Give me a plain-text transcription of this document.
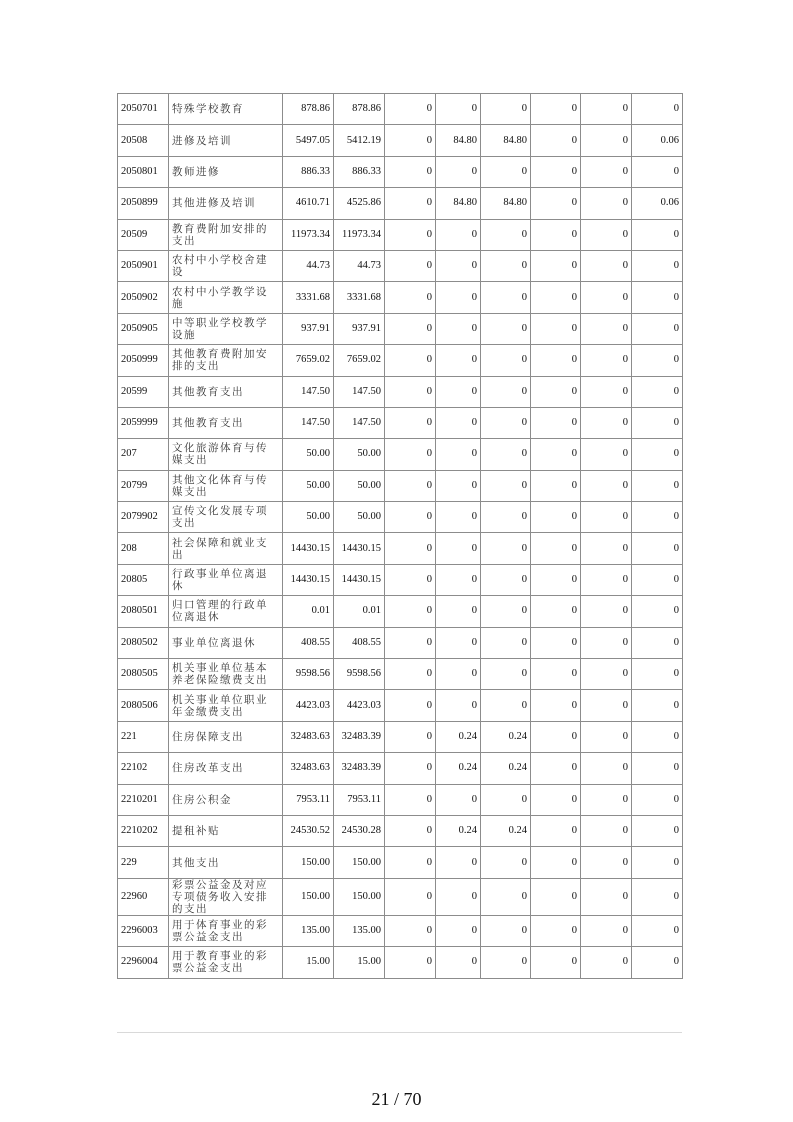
2050701	特殊学校教育	878.86	878.86	0	0	0	0	0	0
20508	进修及培训	5497.05	5412.19	0	84.80	84.80	0	0	0.06
2050801	教师进修	886.33	886.33	0	0	0	0	0	0
2050899	其他进修及培训	4610.71	4525.86	0	84.80	84.80	0	0	0.06
20509	教育费附加安排的支出	11973.34	11973.34	0	0	0	0	0	0
2050901	农村中小学校舍建设	44.73	44.73	0	0	0	0	0	0
2050902	农村中小学教学设施	3331.68	3331.68	0	0	0	0	0	0
2050905	中等职业学校教学设施	937.91	937.91	0	0	0	0	0	0
2050999	其他教育费附加安排的支出	7659.02	7659.02	0	0	0	0	0	0
20599	其他教育支出	147.50	147.50	0	0	0	0	0	0
2059999	其他教育支出	147.50	147.50	0	0	0	0	0	0
207	文化旅游体育与传媒支出	50.00	50.00	0	0	0	0	0	0
20799	其他文化体育与传媒支出	50.00	50.00	0	0	0	0	0	0
2079902	宣传文化发展专项支出	50.00	50.00	0	0	0	0	0	0
208	社会保障和就业支出	14430.15	14430.15	0	0	0	0	0	0
20805	行政事业单位离退休	14430.15	14430.15	0	0	0	0	0	0
2080501	归口管理的行政单位离退休	0.01	0.01	0	0	0	0	0	0
2080502	事业单位离退休	408.55	408.55	0	0	0	0	0	0
2080505	机关事业单位基本养老保险缴费支出	9598.56	9598.56	0	0	0	0	0	0
2080506	机关事业单位职业年金缴费支出	4423.03	4423.03	0	0	0	0	0	0
221	住房保障支出	32483.63	32483.39	0	0.24	0.24	0	0	0
22102	住房改革支出	32483.63	32483.39	0	0.24	0.24	0	0	0
2210201	住房公积金	7953.11	7953.11	0	0	0	0	0	0
2210202	提租补贴	24530.52	24530.28	0	0.24	0.24	0	0	0
229	其他支出	150.00	150.00	0	0	0	0	0	0
22960	彩票公益金及对应专项债务收入安排的支出	150.00	150.00	0	0	0	0	0	0
2296003	用于体育事业的彩票公益金支出	135.00	135.00	0	0	0	0	0	0
2296004	用于教育事业的彩票公益金支出	15.00	15.00	0	0	0	0	0	0
21 / 70
